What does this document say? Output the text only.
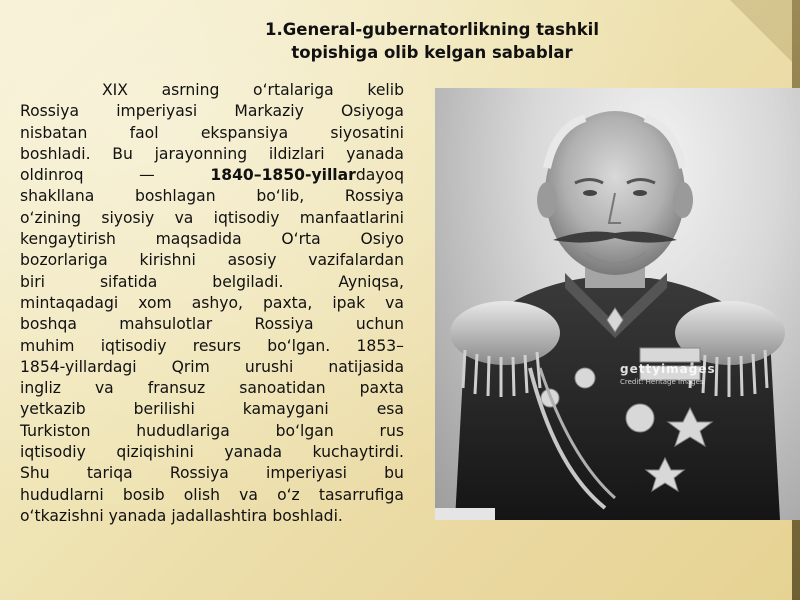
1.General-gubernatorlikning tashkil
topishiga olib kelgan sabablar
XIX asrning o‘rtalariga kelib
Rossiya imperiyasi Markaziy Osiyoga
nisbatan	faol	ekspansiya	siyosatini
boshladi. Bu jarayonning ildizlari yanada
oldinroq	—	1840–1850-yillardayoq
shakllana	boshlagan	bo‘lib,	Rossiya
o‘zining siyosiy va iqtisodiy manfaatlarini
kengaytirish	maqsadida	O‘rta	Osiyo
bozorlariga kirishni asosiy vazifalardan
biri	sifatida	belgiladi.	Ayniqsa,
mintaqadagi xom ashyo, paxta, ipak va
boshqa	mahsulotlar	Rossiya	uchun
muhim iqtisodiy resurs bo‘lgan. 1853–
1854-yillardagi Qrim urushi natijasida
ingliz va fransuz sanoatidan paxta
yetkazib	berilishi	kamaygani	esa
Turkiston	hududlariga	bo‘lgan	rus
iqtisodiy qiziqishini yanada kuchaytirdi.
Shu tariqa Rossiya imperiyasi bu
hududlarni bosib olish va o‘z tasarrufiga
o‘tkazishni yanada jadallashtira boshladi.
gettyimages
Credit: Heritage Images
